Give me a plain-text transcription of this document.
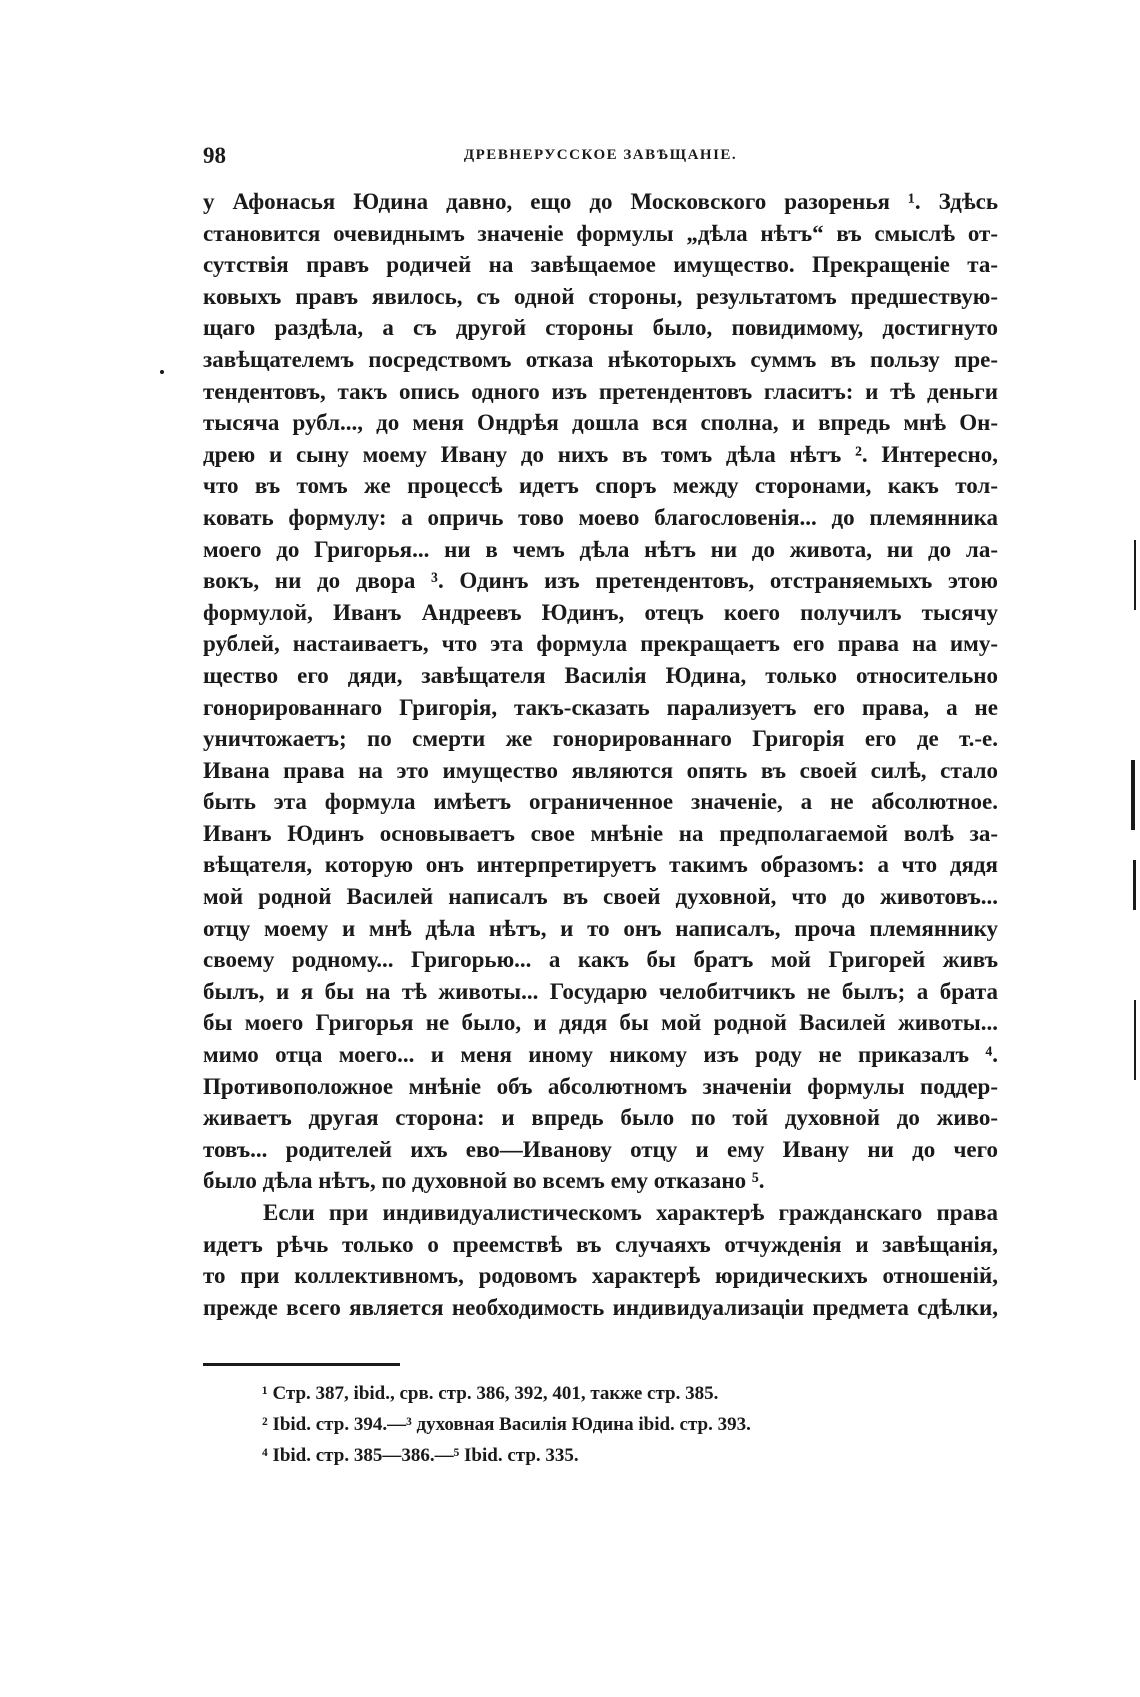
98	ДРЕВНЕРУССКОЕ ЗАВѢЩАНІЕ.
у Афонасья Юдина давно, ещо до Московского разоренья ¹. Здѣсь
становится очевиднымъ значеніе формулы „дѣла нѣтъ“ въ смыслѣ от-
сутствія правъ родичей на завѣщаемое имущество. Прекращеніе та-
ковыхъ правъ явилось, съ одной стороны, результатомъ предшествую-
щаго раздѣла, а съ другой стороны было, повидимому, достигнуто
завѣщателемъ посредствомъ отказа нѣкоторыхъ суммъ въ пользу пре-
тендентовъ, такъ опись одного изъ претендентовъ гласитъ: и тѣ деньги
тысяча рубл..., до меня Ондрѣя дошла вся сполна, и впредь мнѣ Он-
дрею и сыну моему Ивану до нихъ въ томъ дѣла нѣтъ ². Интересно,
что въ томъ же процессѣ идетъ споръ между сторонами, какъ тол-
ковать формулу: а опричь тово моево благословенія... до племянника
моего до Григорья... ни в чемъ дѣла нѣтъ ни до живота, ни до ла-
вокъ, ни до двора ³. Одинъ изъ претендентовъ, отстраняемыхъ этою
формулой, Иванъ Андреевъ Юдинъ, отецъ коего получилъ тысячу
рублей, настаиваетъ, что эта формула прекращаетъ его права на иму-
щество его дяди, завѣщателя Василія Юдина, только относительно
гонорированнаго Григорія, такъ-сказать парализуетъ его права, а не
уничтожаетъ; по смерти же гонорированнаго Григорія его де т.-е.
Ивана права на это имущество являются опять въ своей силѣ, стало
быть эта формула имѣетъ ограниченное значеніе, а не абсолютное.
Иванъ Юдинъ основываетъ свое мнѣніе на предполагаемой волѣ за-
вѣщателя, которую онъ интерпретируетъ такимъ образомъ: а что дядя
мой родной Василей написалъ въ своей духовной, что до животовъ...
отцу моему и мнѣ дѣла нѣтъ, и то онъ написалъ, проча племяннику
своему родному... Григорью... а какъ бы братъ мой Григорей живъ
былъ, и я бы на тѣ животы... Государю челобитчикъ не былъ; а брата
бы моего Григорья не было, и дядя бы мой родной Василей животы...
мимо отца моего... и меня иному никому изъ роду не приказалъ ⁴.
Противоположное мнѣніе объ абсолютномъ значеніи формулы поддер-
живаетъ другая сторона: и впредь было по той духовной до живо-
товъ... родителей ихъ ево—Иванову отцу и ему Ивану ни до чего
было дѣла нѣтъ, по духовной во всемъ ему отказано ⁵.
Если при индивидуалистическомъ характерѣ гражданскаго права
идетъ рѣчь только о преемствѣ въ случаяхъ отчужденія и завѣщанія,
то при коллективномъ, родовомъ характерѣ юридическихъ отношеній,
прежде всего является необходимость индивидуализаціи предмета сдѣлки,
¹ Стр. 387, ibid., срв. стр. 386, 392, 401, также стр. 385.
² Ibid. стр. 394.—³ духовная Василія Юдина ibid. стр. 393.
⁴ Ibid. стр. 385—386.—⁵ Ibid. стр. 335.
